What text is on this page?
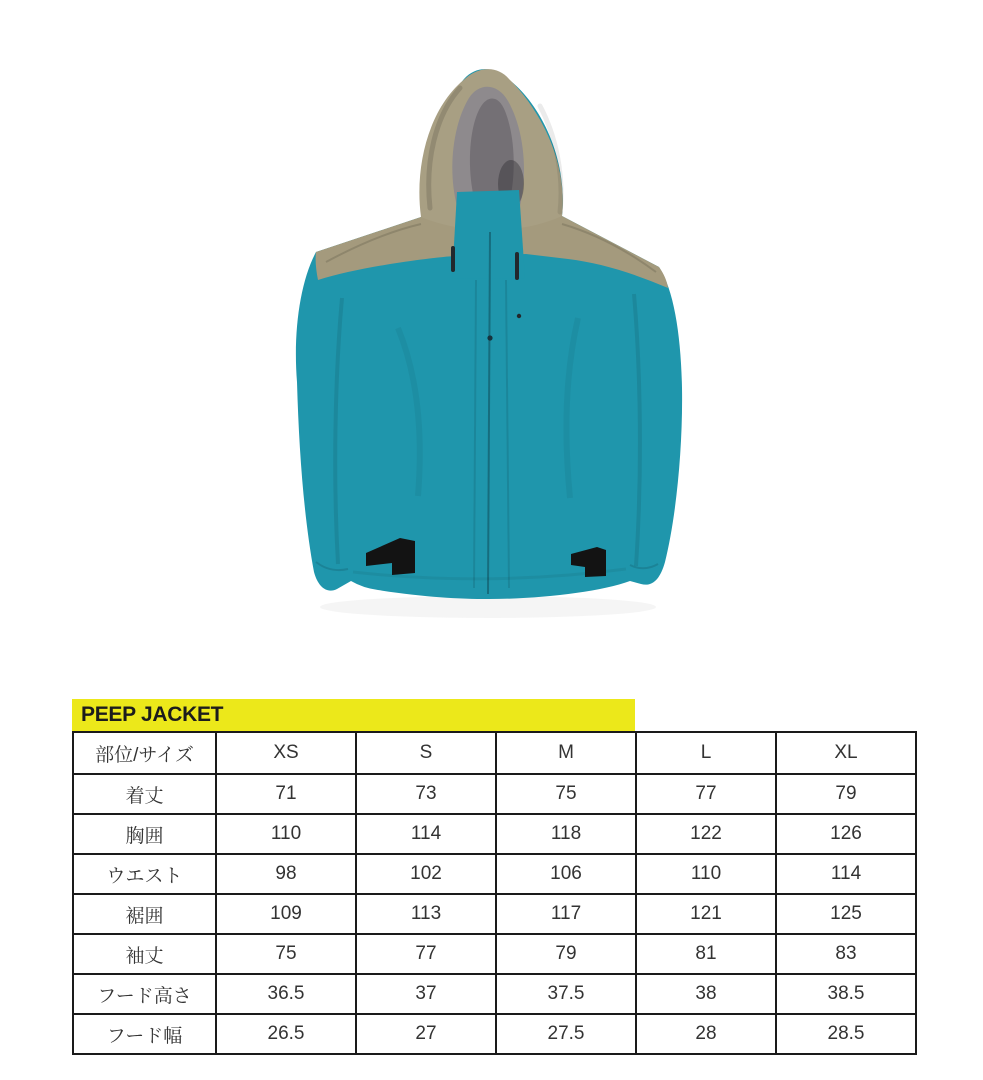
PEEP JACKET
部位/サイズ	XS	S	M	L	XL
着丈	71	73	75	77	79
胸囲	110	114	118	122	126
ウエスト	98	102	106	110	114
裾囲	109	113	117	121	125
袖丈	75	77	79	81	83
フード高さ	36.5	37	37.5	38	38.5
フード幅	26.5	27	27.5	28	28.5
